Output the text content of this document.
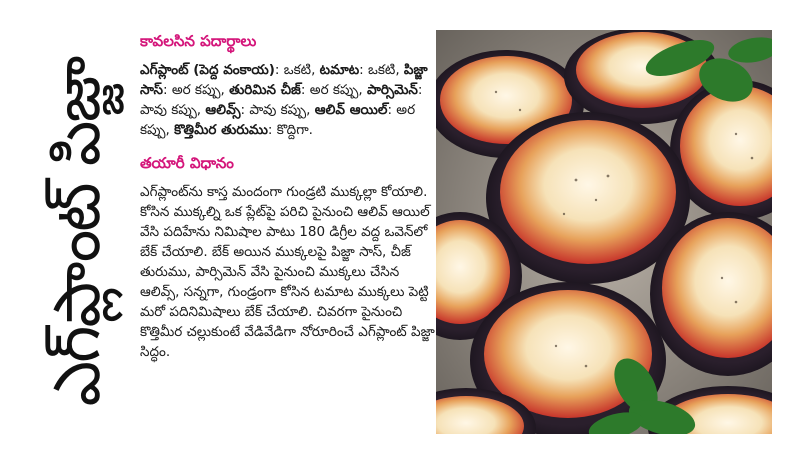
ఎగ్‌ప్లాంట్ పిజ్జా
కావలసిన పదార్థాలు

ఎగ్‌ప్లాంట్ (పెద్ద వంకాయ): ఒకటి, టమాట: ఒకటి, పిజ్జా సాస్: అర కప్పు, తురిమిన చీజ్: అర కప్పు, పార్సిమెన్: పావు కప్పు, ఆలివ్స్: పావు కప్పు, ఆలివ్ ఆయిల్: అర కప్పు, కొత్తిమీర తురుము: కొద్దిగా.

తయారీ విధానం

ఎగ్‌ప్లాంట్‌ను కాస్త మందంగా గుండ్రటి ముక్కల్లా కోయాలి. కోసిన ముక్కల్ని ఒక ప్లేట్‌పై పరిచి పైనుంచి ఆలివ్ ఆయిల్ వేసి పదిహేను నిమిషాల పాటు 180 డిగ్రీల వద్ద ఒవెన్‌లో బేక్ చేయాలి. బేక్ అయిన ముక్కలపై పిజ్జా సాస్, చీజ్ తురుము, పార్సిమెన్ వేసి పైనుంచి ముక్కలు చేసిన ఆలివ్స్, సన్నగా, గుండ్రంగా కోసిన టమాట ముక్కలు పెట్టి మరో పదినిమిషాలు బేక్ చేయాలి. చివరగా పైనుంచి కొత్తిమీర చల్లుకుంటే వేడివేడిగా నోరూరించే ఎగ్‌ప్లాంట్ పిజ్జా సిద్ధం.
